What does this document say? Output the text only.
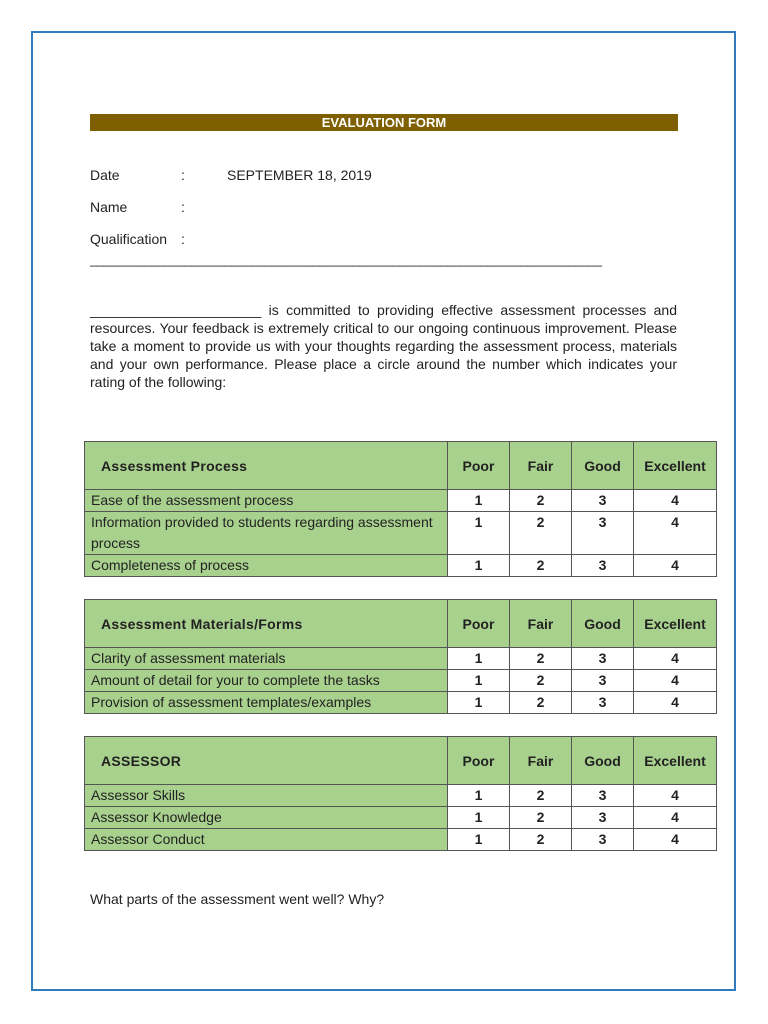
EVALUATION FORM
Date	:	SEPTEMBER 18, 2019
Name	:
Qualification :
____________________________________________________________________________
______________________ is committed to providing effective assessment processes and resources. Your feedback is extremely critical to our ongoing continuous improvement. Please take a moment to provide us with your thoughts regarding the assessment process, materials and your own performance. Please place a circle around the number which indicates your rating of the following:
Assessment Process	Poor	Fair	Good	Excellent
Ease of the assessment process	1	2	3	4
Information provided to students regarding assessment process	1	2	3	4
Completeness of process	1	2	3	4
Assessment Materials/Forms	Poor	Fair	Good	Excellent
Clarity of assessment materials	1	2	3	4
Amount of detail for your to complete the tasks	1	2	3	4
Provision of assessment templates/examples	1	2	3	4
ASSESSOR	Poor	Fair	Good	Excellent
Assessor Skills	1	2	3	4
Assessor Knowledge	1	2	3	4
Assessor Conduct	1	2	3	4
What parts of the assessment went well? Why?
